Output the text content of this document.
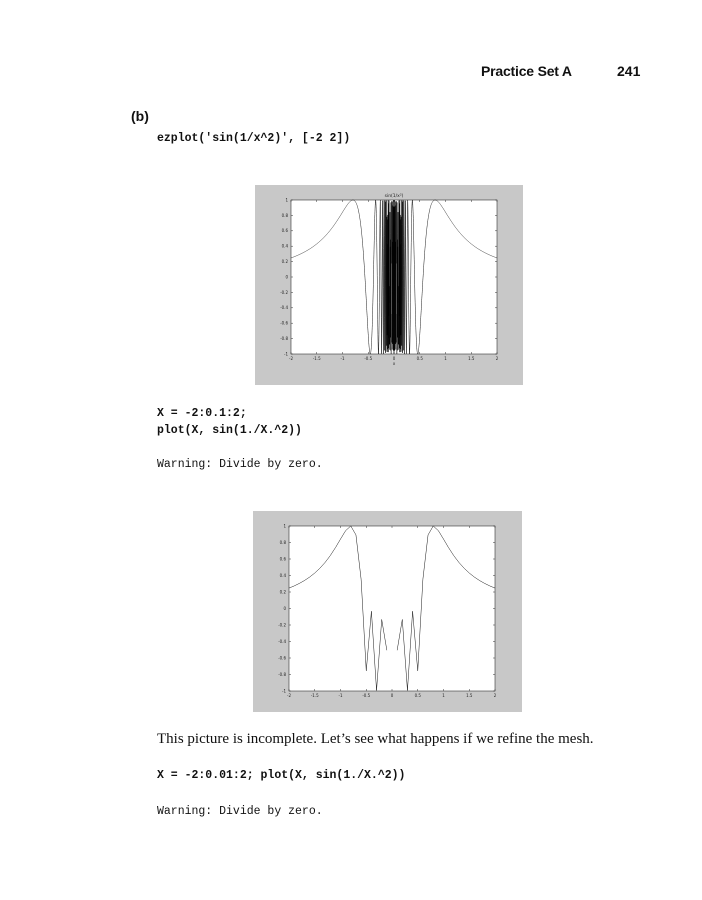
Practice Set A	241
(b)
ezplot('sin(1/x^2)', [-2 2])
-2	-1.5	-1	-0.5	0	0.5	1	1.5	2
1
0.8
0.6
0.4
0.2
0
-0.2
-0.4
-0.6
-0.8
-1
sin(1/x²)
x
X = -2:0.1:2;
plot(X, sin(1./X.^2))
Warning: Divide by zero.
-2	-1.5	-1	-0.5	0	0.5	1	1.5	2
1
0.8
0.6
0.4
0.2
0
-0.2
-0.4
-0.6
-0.8
-1
This picture is incomplete. Let’s see what happens if we refine the mesh.
X = -2:0.01:2; plot(X, sin(1./X.^2))
Warning: Divide by zero.
